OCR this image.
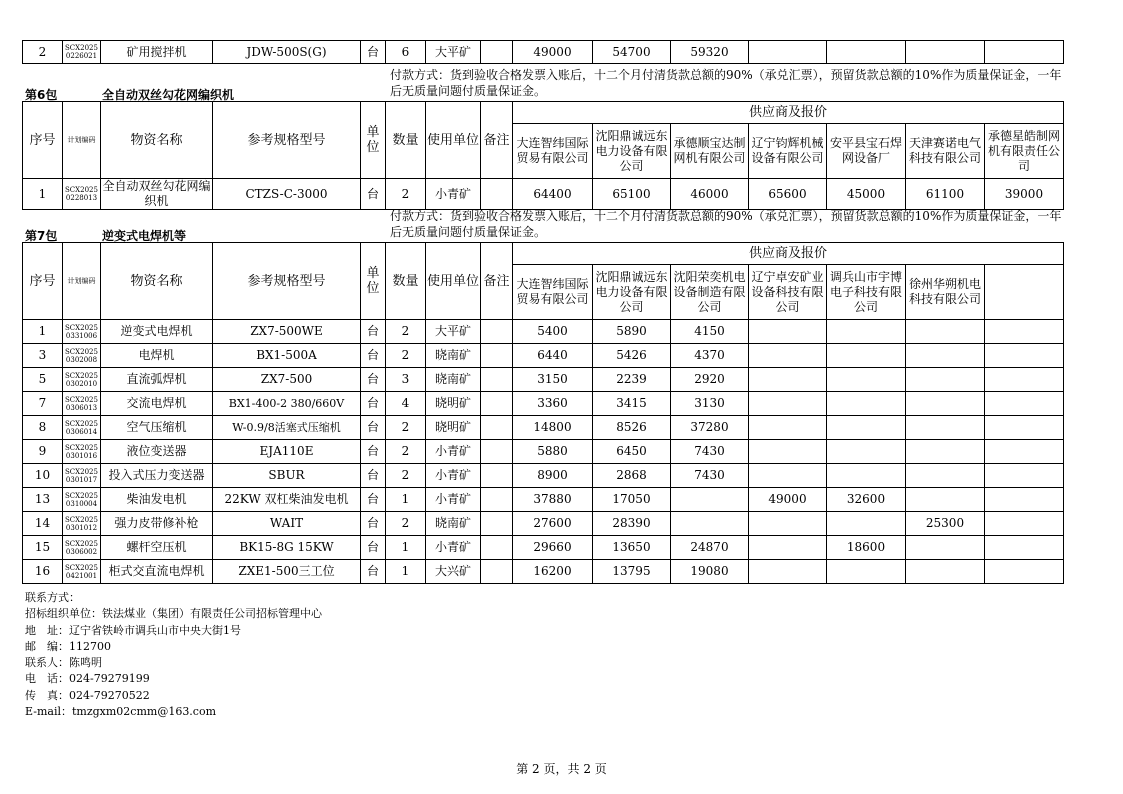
2	SCX20250226021	矿用搅拌机	JDW-500S(G)	台	6	大平矿		49000	54700	59320				
第6包	全自动双丝勾花网编织机
付款方式：货到验收合格发票入账后，十二个月付清货款总额的90%（承兑汇票），预留货款总额的10%作为质量保证金，一年后无质量问题付质量保证金。
序号	计划编码	物资名称	参考规格型号	单位	数量	使用单位	备注	供应商及报价						
								大连智纬国际贸易有限公司	沈阳鼎诚远东电力设备有限公司	承德顺宝达制网机有限公司	辽宁钧辉机械设备有限公司	安平县宝石焊网设备厂	天津赛诺电气科技有限公司	承德星皓制网机有限责任公司
1	SCX20250228013	全自动双丝勾花网编织机	CTZS-C-3000	台	2	小青矿		64400	65100	46000	65600	45000	61100	39000
第7包	逆变式电焊机等
付款方式：货到验收合格发票入账后，十二个月付清货款总额的90%（承兑汇票），预留货款总额的10%作为质量保证金，一年后无质量问题付质量保证金。
序号	计划编码	物资名称	参考规格型号	单位	数量	使用单位	备注	供应商及报价						
								大连智纬国际贸易有限公司	沈阳鼎诚远东电力设备有限公司	沈阳荣奕机电设备制造有限公司	辽宁卓安矿业设备科技有限公司	调兵山市宇博电子科技有限公司	徐州华朔机电科技有限公司	
1	SCX20250331006	逆变式电焊机	ZX7-500WE	台	2	大平矿		5400	5890	4150				
3	SCX20250302008	电焊机	BX1-500A	台	2	晓南矿		6440	5426	4370				
5	SCX20250302010	直流弧焊机	ZX7-500	台	3	晓南矿		3150	2239	2920				
7	SCX20250306013	交流电焊机	BX1-400-2 380/660V	台	4	晓明矿		3360	3415	3130				
8	SCX20250306014	空气压缩机	W-0.9/8活塞式压缩机	台	2	晓明矿		14800	8526	37280				
9	SCX20250301016	液位变送器	EJA110E	台	2	小青矿		5880	6450	7430				
10	SCX20250301017	投入式压力变送器	SBUR	台	2	小青矿		8900	2868	7430				
13	SCX20250310004	柴油发电机	22KW 双杠柴油发电机	台	1	小青矿		37880	17050		49000	32600		
14	SCX20250301012	强力皮带修补枪	WAIT	台	2	晓南矿		27600	28390				25300	
15	SCX20250306002	螺杆空压机	BK15-8G 15KW	台	1	小青矿		29660	13650	24870		18600		
16	SCX20250421001	柜式交直流电焊机	ZXE1-500三工位	台	1	大兴矿		16200	13795	19080				
联系方式：
招标组织单位：铁法煤业（集团）有限责任公司招标管理中心
地　址：辽宁省铁岭市调兵山市中央大街1号
邮　编：112700
联系人：陈鸣明
电　话：024-79279199
传　真：024-79270522
E-mail：tmzgxm02cmm@163.com
第 2 页，共 2 页
